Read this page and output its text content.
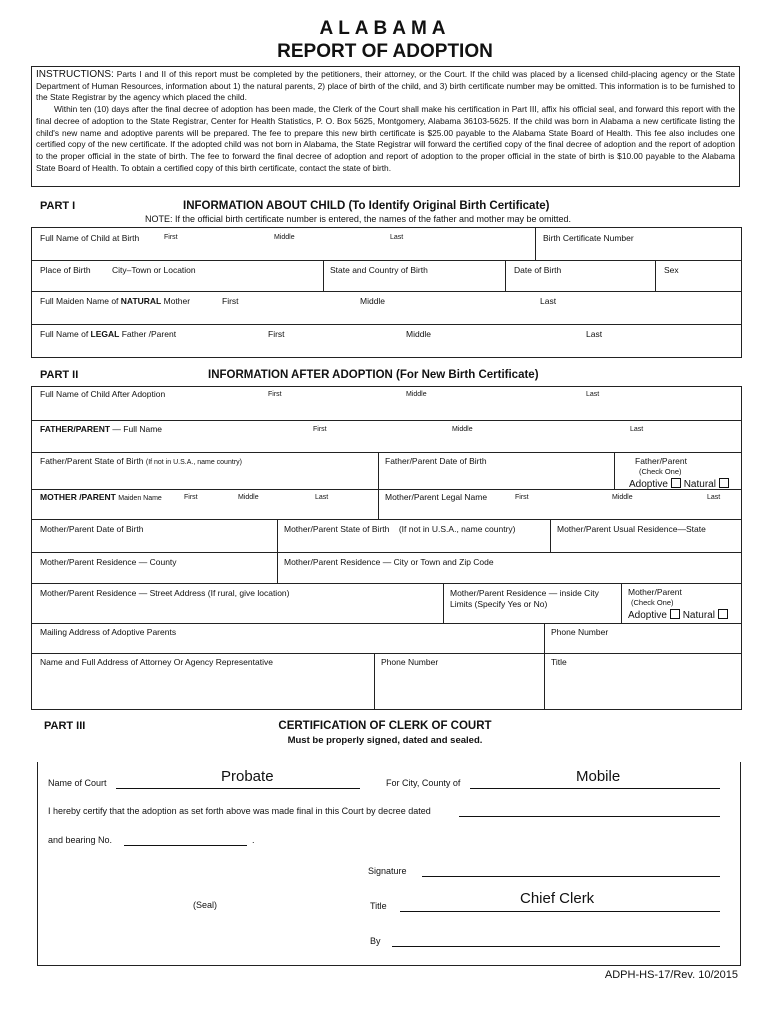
ALABAMA
REPORT OF ADOPTION

INSTRUCTIONS: Parts I and II of this report must be completed by the petitioners, their attorney, or the Court. If the child was placed by a licensed child-placing agency or the State Department of Human Resources, information about 1) the natural parents, 2) place of birth of the child, and 3) birth certificate number may be omitted. This information is to be furnished to the State Registrar by the agency which placed the child.

Within ten (10) days after the final decree of adoption has been made, the Clerk of the Court shall make his certification in Part III, affix his official seal, and forward this report with the final decree of adoption to the State Registrar, Center for Health Statistics, P. O. Box 5625, Montgomery, Alabama 36103-5625. If the child was born in Alabama a new certificate listing the child's new name and adoptive parents will be prepared. The fee to prepare this new birth certificate is $25.00 payable to the Alabama State Board of Health. This fee also includes one certified copy of the new certificate. If the adopted child was not born in Alabama, the State Registrar will forward the certified copy of the final decree of adoption and the report of adoption to the proper official in the state of birth. The fee to forward the final decree of adoption and report of adoption to the proper official in the state of birth is $10.00 payable to the Alabama State Board of Health. To obtain a certified copy of this birth certificate, contact the state of birth.

PART I	INFORMATION ABOUT CHILD (To Identify Original Birth Certificate)
NOTE: If the official birth certificate number is entered, the names of the father and mother may be omitted.
Full Name of Child at Birth	First	Middle	Last	Birth Certificate Number
Place of Birth	City–Town or Location	State and Country of Birth	Date of Birth	Sex
Full Maiden Name of NATURAL Mother	First	Middle	Last

Full Name of LEGAL Father /Parent	First	Middle	Last
PART II	INFORMATION AFTER ADOPTION (For New Birth Certificate)
Full Name of Child After Adoption	First	Middle	Last

FATHER/PARENT — Full Name	First	Middle	Last
Father/Parent State of Birth (If not in U.S.A., name country)	Father/Parent Date of Birth	Father/Parent
(Check One)
Adoptive Natural
MOTHER /PARENT Maiden Name	First	Middle	Last	Mother/Parent Legal Name	First	Middle	Last
Mother/Parent Date of Birth	Mother/Parent State of Birth (If not in U.S.A., name country)	Mother/Parent Usual Residence—State
Mother/Parent Residence — County	Mother/Parent Residence — City or Town and Zip Code
Mother/Parent Residence — Street Address (If rural, give location)	Mother/Parent Residence — inside City
Limits (Specify Yes or No)

Mother/Parent
(Check One)
Adoptive Natural
Mailing Address of Adoptive Parents	Phone Number
Name and Full Address of Attorney Or Agency Representative	Phone Number	Title
PART III	CERTIFICATION OF CLERK OF COURT
Must be properly signed, dated and sealed.
Name of Court	Probate	For City, County of	Mobile
I hereby certify that the adoption as set forth above was made final in this Court by decree dated
and bearing No.	.
Signature
(Seal)	Title	Chief Clerk
By
ADPH-HS-17/Rev. 10/2015
